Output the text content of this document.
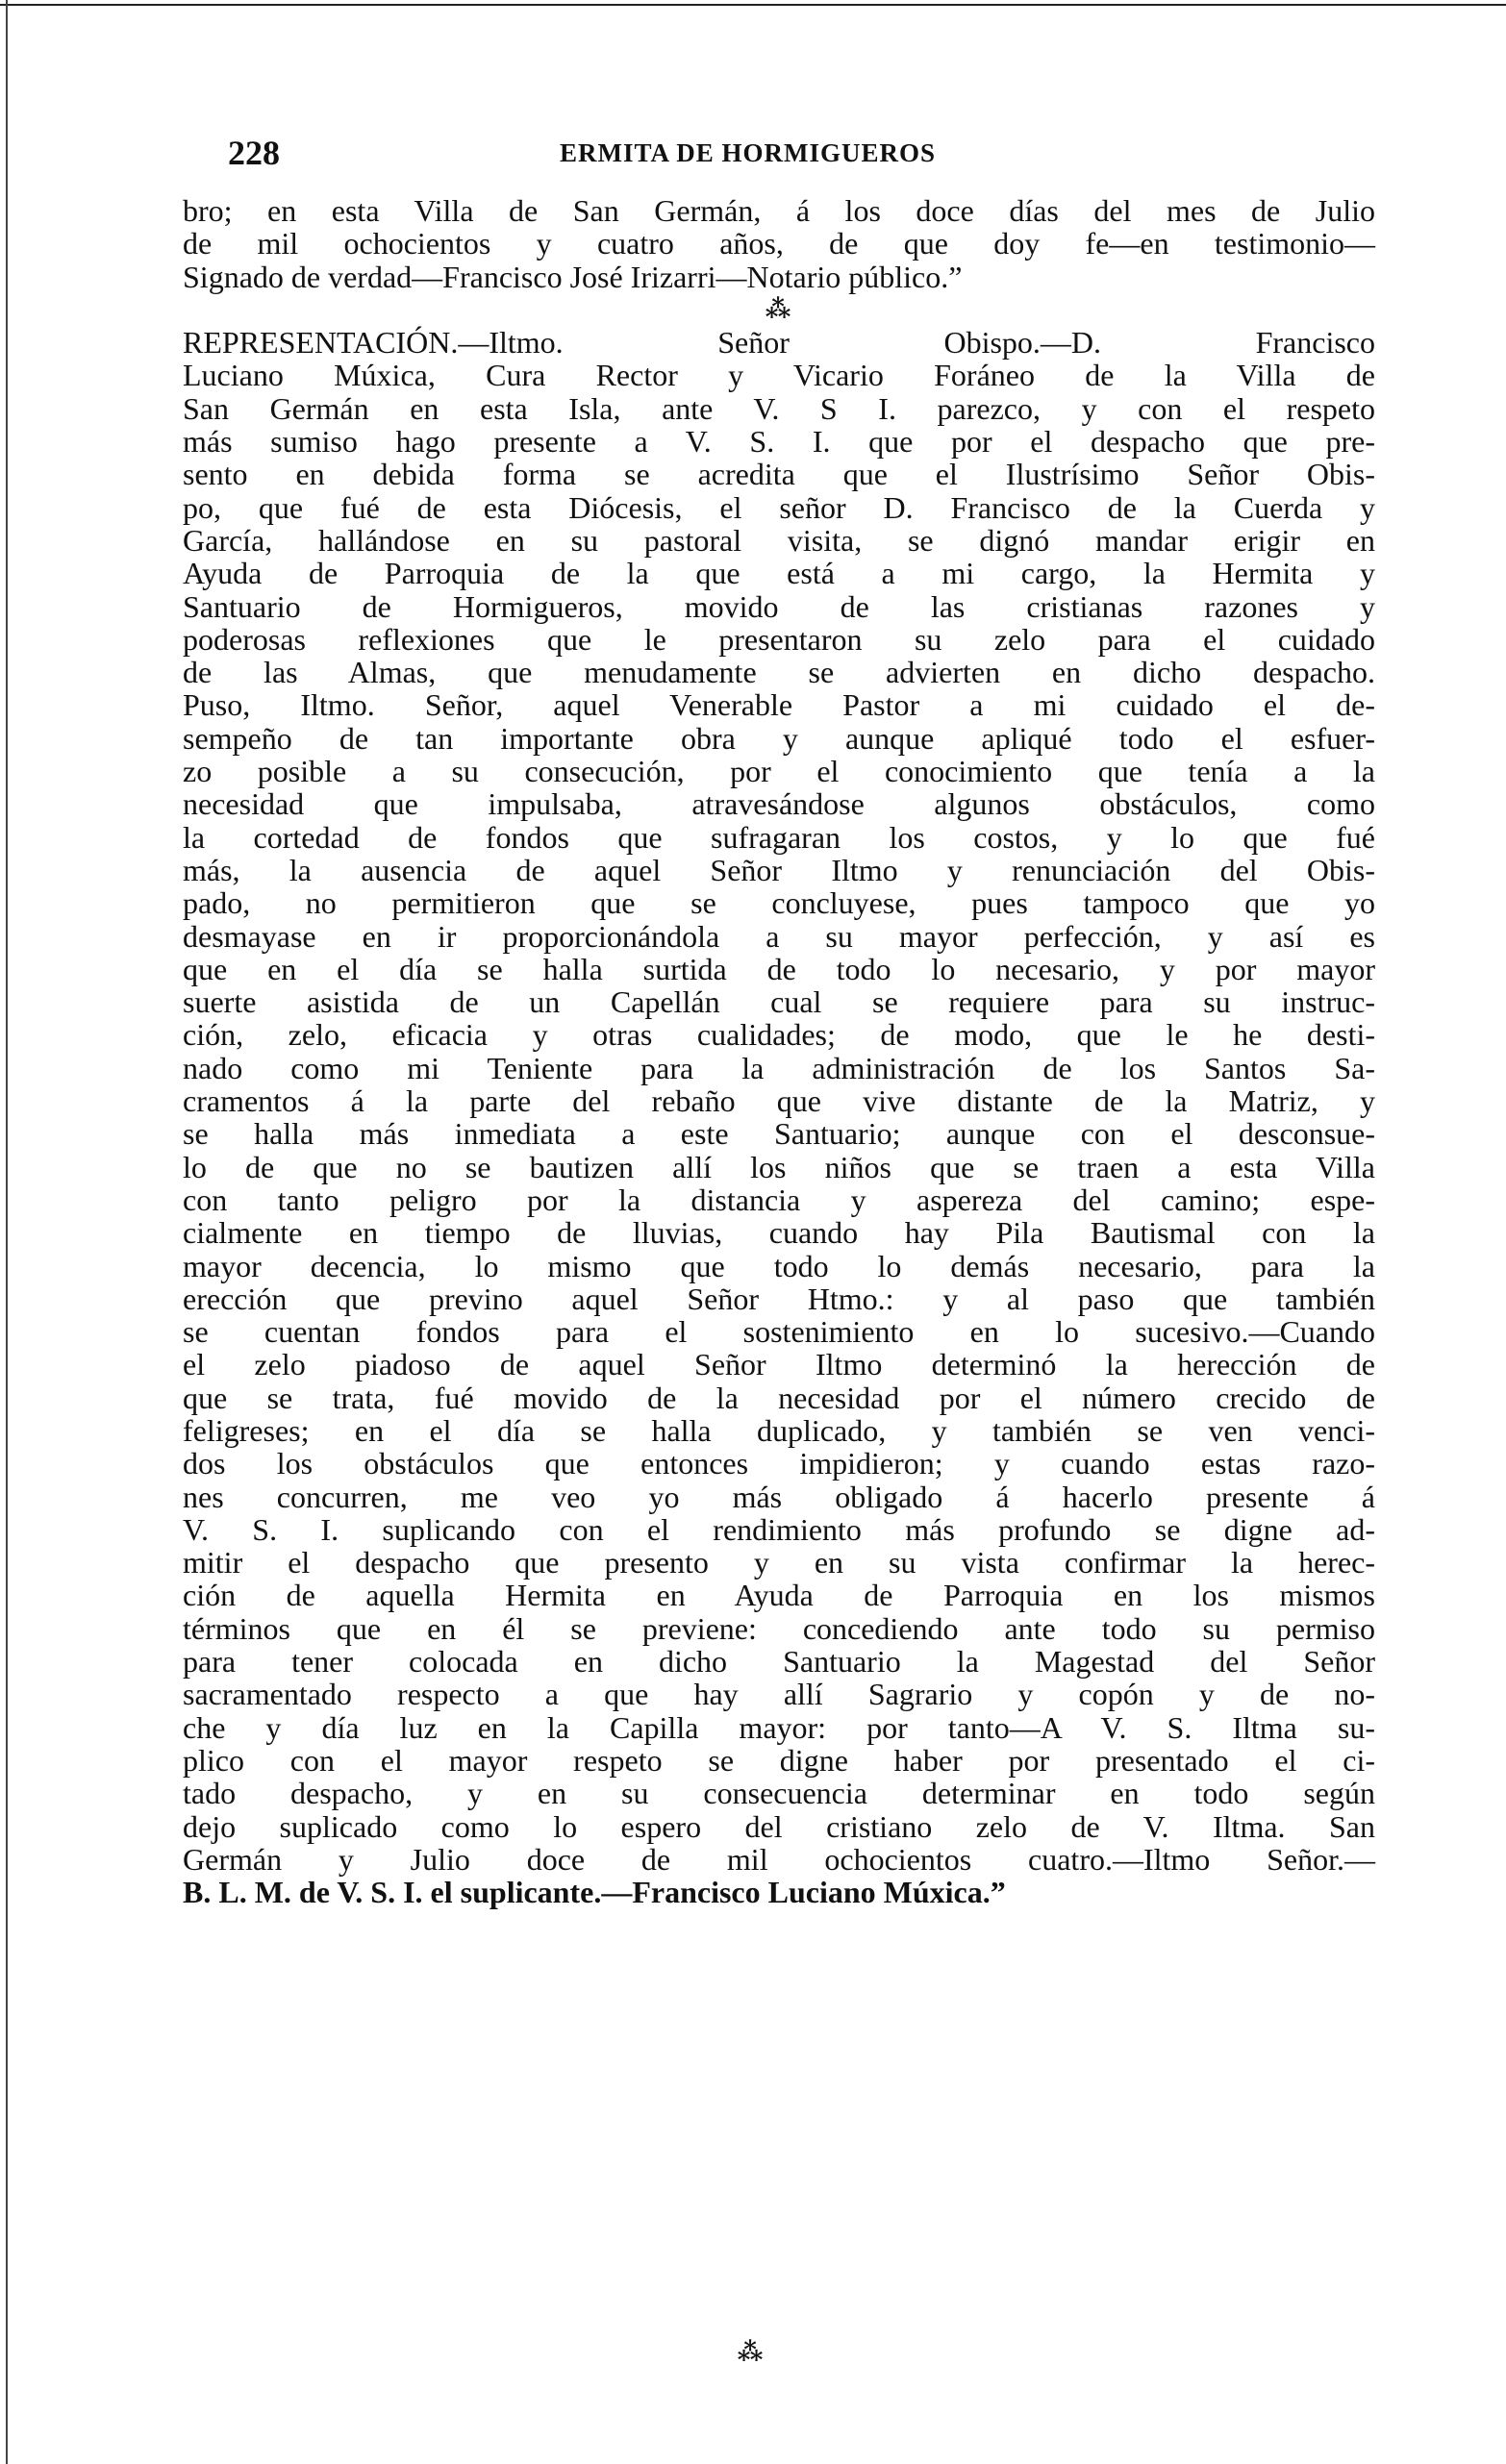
228	ERMITA DE HORMIGUEROS
bro; en esta Villa de San Germán, á los doce días del mes de Julio
de mil ochocientos y cuatro años, de que doy fe—en testimonio—
Signado de verdad—Francisco José Irizarri—Notario público.”
⁂
REPRESENTACIÓN.—Iltmo. Señor Obispo.—D. Francisco
Luciano Múxica, Cura Rector y Vicario Foráneo de la Villa de
San Germán en esta Isla, ante V. S I. parezco, y con el respeto
más sumiso hago presente a V. S. I. que por el despacho que pre-
sento en debida forma se acredita que el Ilustrísimo Señor Obis-
po, que fué de esta Diócesis, el señor D. Francisco de la Cuerda y
García, hallándose en su pastoral visita, se dignó mandar erigir en
Ayuda de Parroquia de la que está a mi cargo, la Hermita y
Santuario de Hormigueros, movido de las cristianas razones y
poderosas reflexiones que le presentaron su zelo para el cuidado
de las Almas, que menudamente se advierten en dicho despacho.
Puso, Iltmo. Señor, aquel Venerable Pastor a mi cuidado el de-
sempeño de tan importante obra y aunque apliqué todo el esfuer-
zo posible a su consecución, por el conocimiento que tenía a la
necesidad que impulsaba, atravesándose algunos obstáculos, como
la cortedad de fondos que sufragaran los costos, y lo que fué
más, la ausencia de aquel Señor Iltmo y renunciación del Obis-
pado, no permitieron que se concluyese, pues tampoco que yo
desmayase en ir proporcionándola a su mayor perfección, y así es
que en el día se halla surtida de todo lo necesario, y por mayor
suerte asistida de un Capellán cual se requiere para su instruc-
ción, zelo, eficacia y otras cualidades; de modo, que le he desti-
nado como mi Teniente para la administración de los Santos Sa-
cramentos á la parte del rebaño que vive distante de la Matriz, y
se halla más inmediata a este Santuario; aunque con el desconsue-
lo de que no se bautizen allí los niños que se traen a esta Villa
con tanto peligro por la distancia y aspereza del camino; espe-
cialmente en tiempo de lluvias, cuando hay Pila Bautismal con la
mayor decencia, lo mismo que todo lo demás necesario, para la
erección que previno aquel Señor Htmo.: y al paso que también
se cuentan fondos para el sostenimiento en lo sucesivo.—Cuando
el zelo piadoso de aquel Señor Iltmo determinó la herección de
que se trata, fué movido de la necesidad por el número crecido de
feligreses; en el día se halla duplicado, y también se ven venci-
dos los obstáculos que entonces impidieron; y cuando estas razo-
nes concurren, me veo yo más obligado á hacerlo presente á
V. S. I. suplicando con el rendimiento más profundo se digne ad-
mitir el despacho que presento y en su vista confirmar la herec-
ción de aquella Hermita en Ayuda de Parroquia en los mismos
términos que en él se previene: concediendo ante todo su permiso
para tener colocada en dicho Santuario la Magestad del Señor
sacramentado respecto a que hay allí Sagrario y copón y de no-
che y día luz en la Capilla mayor: por tanto—A V. S. Iltma su-
plico con el mayor respeto se digne haber por presentado el ci-
tado despacho, y en su consecuencia determinar en todo según
dejo suplicado como lo espero del cristiano zelo de V. Iltma. San
Germán y Julio doce de mil ochocientos cuatro.—Iltmo Señor.—
B. L. M. de V. S. I. el suplicante.—Francisco Luciano Múxica.”
⁂
